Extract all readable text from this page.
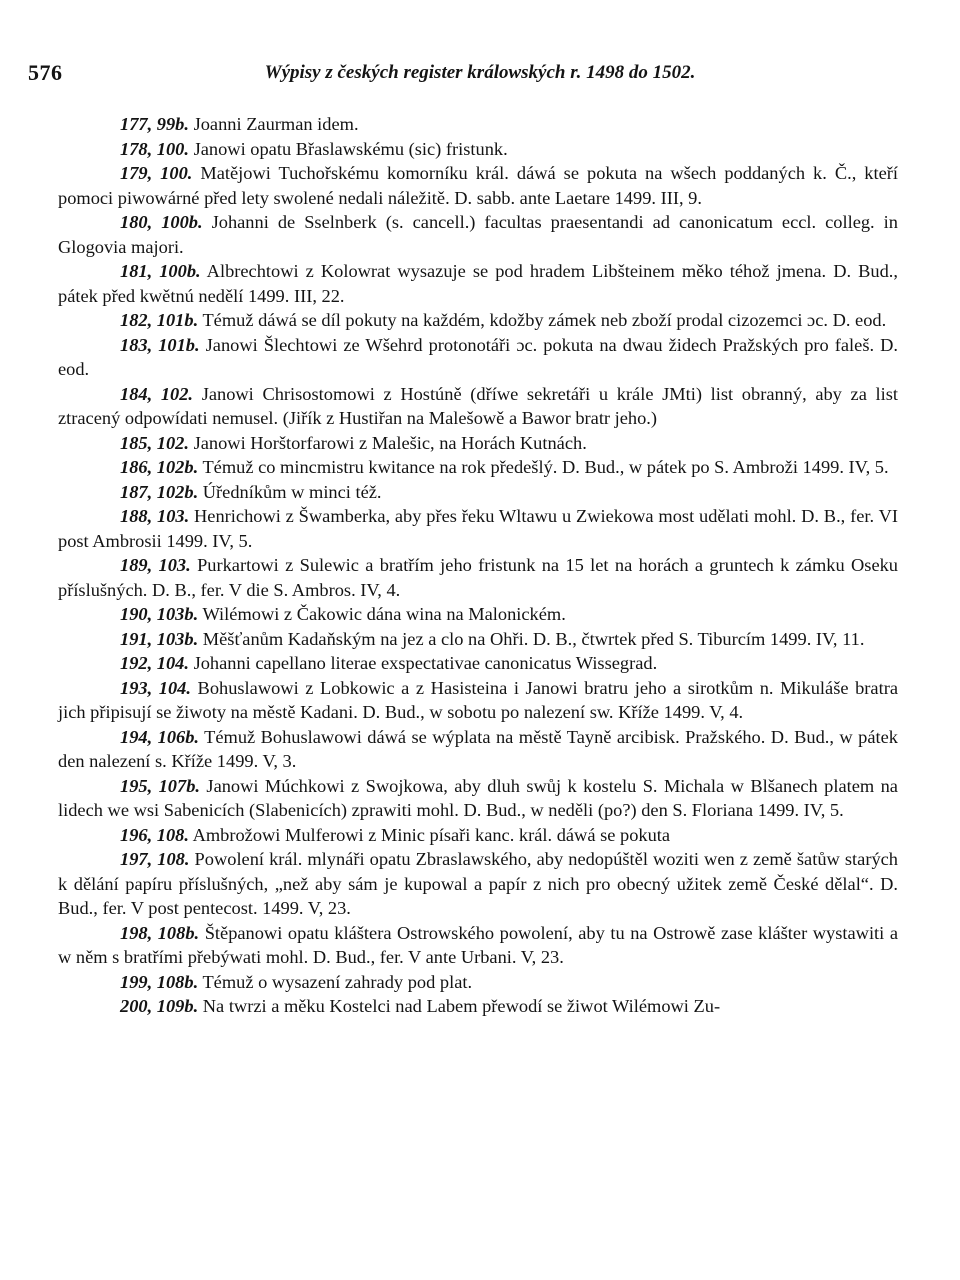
576	Wýpisy z českých register králowských r. 1498 do 1502.

177, 99b. Joanni Zaurman idem.

178, 100. Janowi opatu Břaslawskému (sic) fristunk.

179, 100. Matějowi Tuchořskému komorníku král. dáwá se pokuta na wšech poddaných k. Č., kteří pomoci piwowárné před lety swolené nedali náležitě. D. sabb. ante Laetare 1499. III, 9.

180, 100b. Johanni de Sselnberk (s. cancell.) facultas praesentandi ad canonicatum eccl. colleg. in Glogovia majori.

181, 100b. Albrechtowi z Kolowrat wysazuje se pod hradem Libšteinem měko téhož jmena. D. Bud., pátek před kwětnú nedělí 1499. III, 22.

182, 101b. Témuž dáwá se díl pokuty na každém, kdožby zámek neb zboží prodal cizozemci ɔc. D. eod.

183, 101b. Janowi Šlechtowi ze Wšehrd protonotáři ɔc. pokuta na dwau židech Pražských pro faleš. D. eod.

184, 102. Janowi Chrisostomowi z Hostúně (dříwe sekretáři u krále JMti) list obranný, aby za list ztracený odpowídati nemusel. (Jiřík z Hustiřan na Malešowě a Bawor bratr jeho.)

185, 102. Janowi Horštorfarowi z Malešic, na Horách Kutnách.

186, 102b. Témuž co mincmistru kwitance na rok předešlý. D. Bud., w pátek po S. Ambroži 1499. IV, 5.

187, 102b. Úředníkům w minci též.

188, 103. Henrichowi z Šwamberka, aby přes řeku Wltawu u Zwiekowa most udělati mohl. D. B., fer. VI post Ambrosii 1499. IV, 5.

189, 103. Purkartowi z Sulewic a bratřím jeho fristunk na 15 let na horách a gruntech k zámku Oseku příslušných. D. B., fer. V die S. Ambros. IV, 4.

190, 103b. Wilémowi z Čakowic dána wina na Malonickém.

191, 103b. Měšťanům Kadaňským na jez a clo na Ohři. D. B., čtwrtek před S. Tiburcím 1499. IV, 11.

192, 104. Johanni capellano literae exspectativae canonicatus Wissegrad.

193, 104. Bohuslawowi z Lobkowic a z Hasisteina i Janowi bratru jeho a sirotkům n. Mikuláše bratra jich připisují se žiwoty na městě Kadani. D. Bud., w sobotu po nalezení sw. Kříže 1499. V, 4.

194, 106b. Témuž Bohuslawowi dáwá se wýplata na městě Tayně arcibisk. Pražského. D. Bud., w pátek den nalezení s. Kříže 1499. V, 3.

195, 107b. Janowi Múchkowi z Swojkowa, aby dluh swůj k kostelu S. Michala w Blšanech platem na lidech we wsi Sabenicích (Slabenicích) zprawiti mohl. D. Bud., w neděli (po?) den S. Floriana 1499. IV, 5.

196, 108. Ambrožowi Mulferowi z Minic písaři kanc. král. dáwá se pokuta

197, 108. Powolení král. mlynáři opatu Zbraslawského, aby nedopúštěl woziti wen z země šatůw starých k dělání papíru příslušných, „než aby sám je kupowal a papír z nich pro obecný užitek země České dělal“. D. Bud., fer. V post pentecost. 1499. V, 23.

198, 108b. Štěpanowi opatu kláštera Ostrowského powolení, aby tu na Ostrowě zase klášter wystawiti a w něm s bratřími přebýwati mohl. D. Bud., fer. V ante Urbani. V, 23.

199, 108b. Témuž o wysazení zahrady pod plat.

200, 109b. Na twrzi a měku Kostelci nad Labem přewodí se žiwot Wilémowi Zu-
